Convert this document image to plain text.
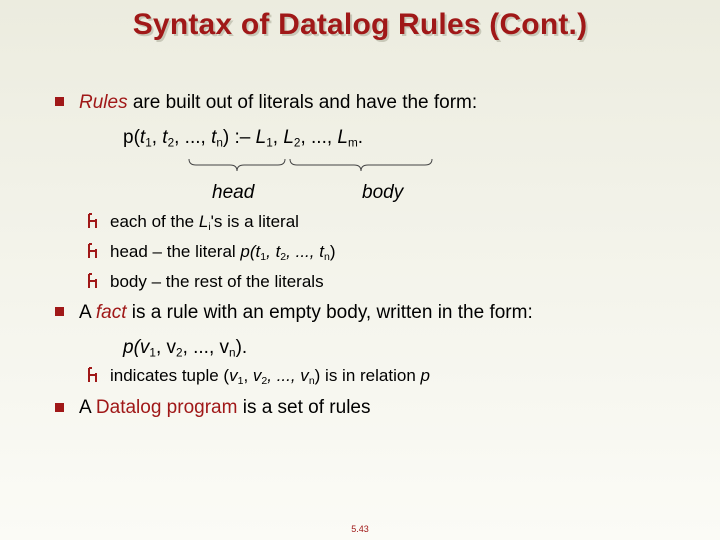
Syntax of Datalog Rules (Cont.)
Rules are built out of literals and have the form:
$p(t_1$, $t_2$, ..., $t_n$) :– $L_1$, $L_2$, ..., $L_m$.
head	body
each of the $L_i's$ is a literal
head – the literal $p(t_1$, $t_2$, ..., $t_n$)
body – the rest of the literals
A fact is a rule with an empty body, written in the form:
$p(v_1$, $v_2$, ..., $v_n$).
indicates tuple ($v_1$, $v_2$, ..., $v_n$) is in relation p
A Datalog program is a set of rules
5.43
